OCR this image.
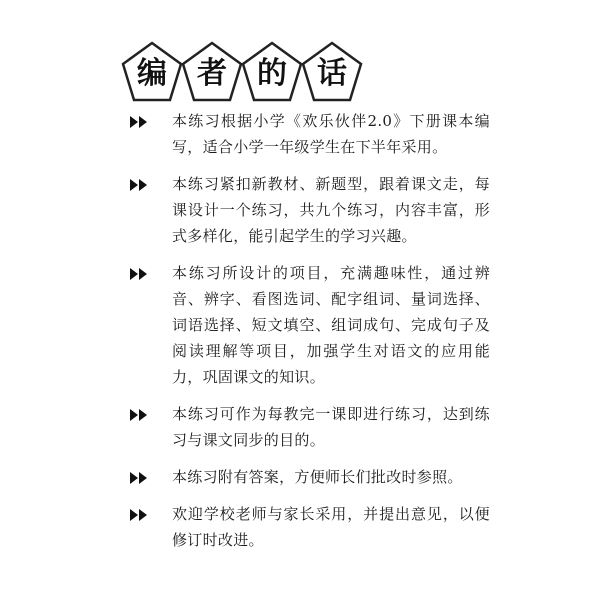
编	者	的	话
本练习根据小学《欢乐伙伴2.0》下册课本编写，适合小学一年级学生在下半年采用。
本练习紧扣新教材、新题型，跟着课文走，每课设计一个练习，共九个练习，内容丰富，形式多样化，能引起学生的学习兴趣。
本练习所设计的项目，充满趣味性，通过辨音、辨字、看图选词、配字组词、量词选择、词语选择、短文填空、组词成句、完成句子及阅读理解等项目，加强学生对语文的应用能力，巩固课文的知识。
本练习可作为每教完一课即进行练习，达到练习与课文同步的目的。
本练习附有答案，方便师长们批改时参照。
欢迎学校老师与家长采用，并提出意见，以便修订时改进。
